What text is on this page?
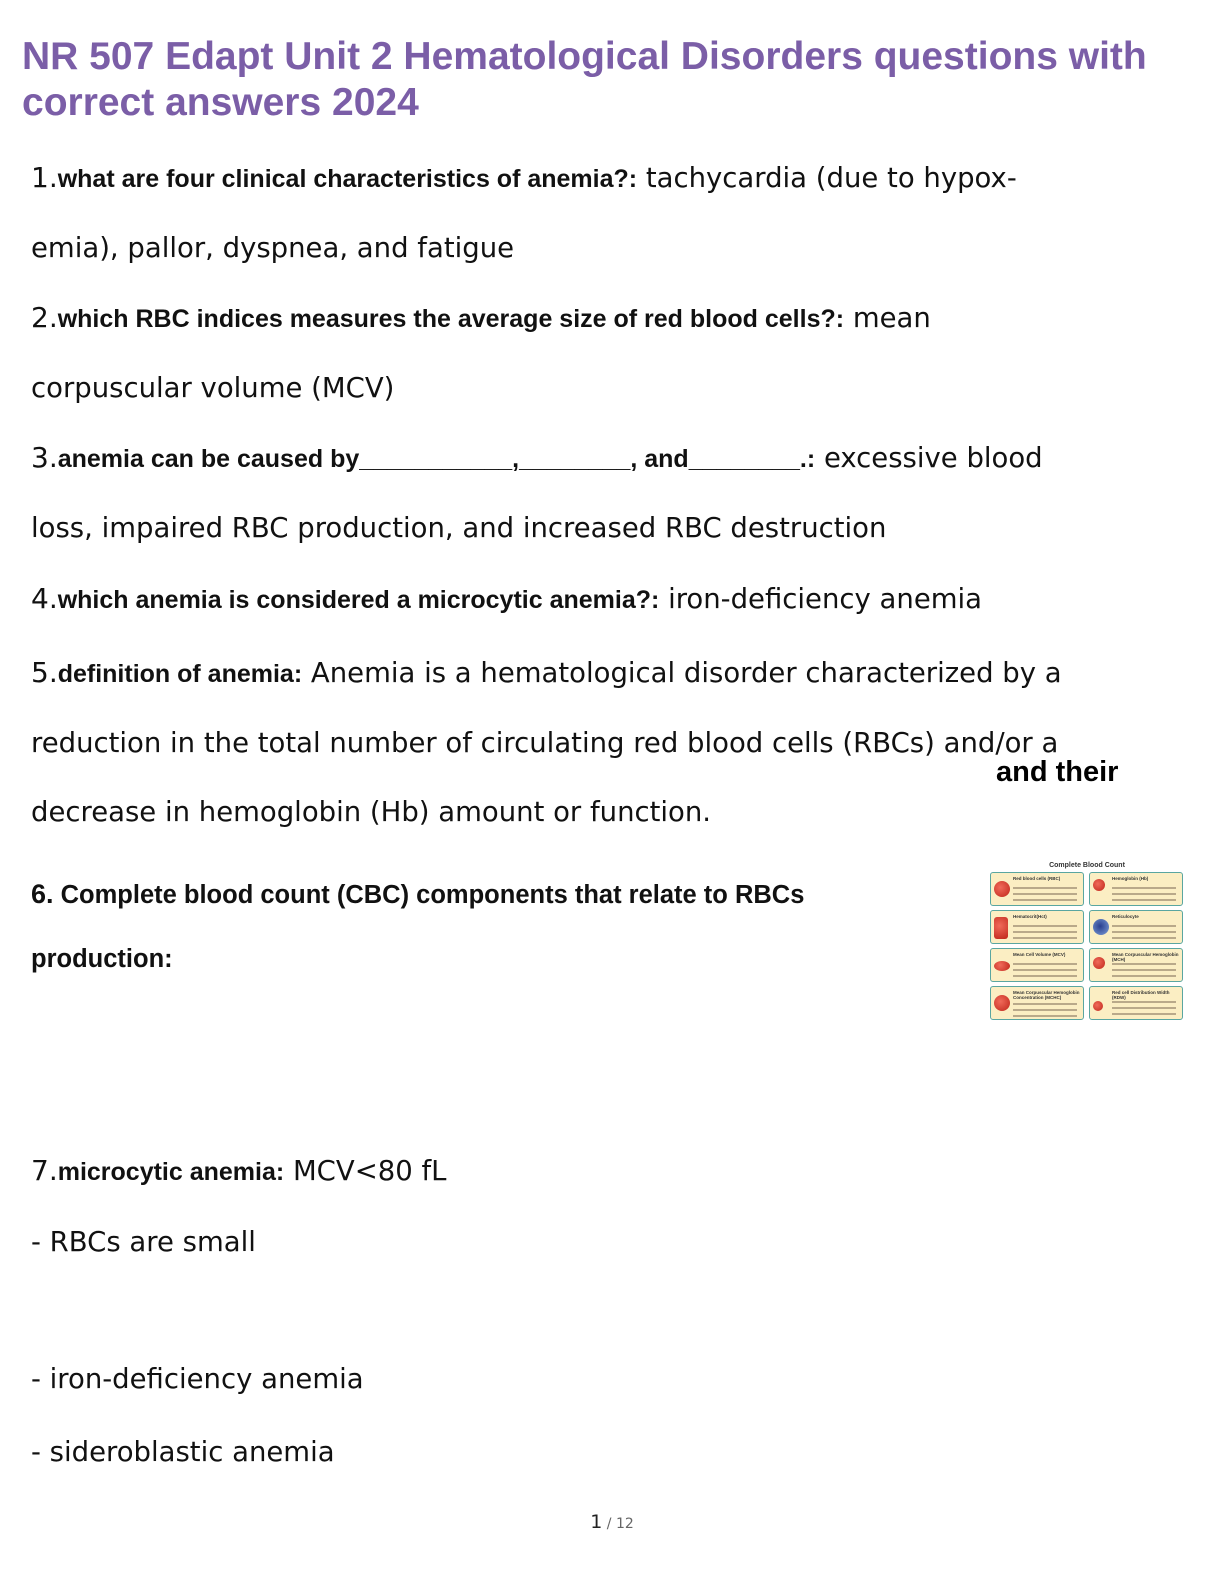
NR 507 Edapt Unit 2 Hematological Disorders questions with correct answers 2024
1.what are four clinical characteristics of anemia?: tachycardia (due to hypox-
emia), pallor, dyspnea, and fatigue
2.which RBC indices measures the average size of red blood cells?: mean
corpuscular volume (MCV)
3.anemia can be caused by___________,________, and________.: excessive blood
loss, impaired RBC production, and increased RBC destruction
4.which anemia is considered a microcytic anemia?: iron-deficiency anemia
5.definition of anemia: Anemia is a hematological disorder characterized by a
reduction in the total number of circulating red blood cells (RBCs) and/or a
decrease in hemoglobin (Hb) amount or function.
and their
6. Complete blood count (CBC) components that relate to RBCs
production:
Complete Blood Count
Red blood cells (RBC)	Hemoglobin (Hb)
Hematocrit(Hct)	Reticulocyte
Mean Cell Volume (MCV)	Mean Corpuscular Hemoglobin (MCH)
Mean Corpuscular Hemoglobin Concentration (MCHC)
Red cell Distribution Width (RDW)
7.microcytic anemia: MCV<80 fL
- RBCs are small
- iron-deficiency anemia
- sideroblastic anemia
1 / 12
